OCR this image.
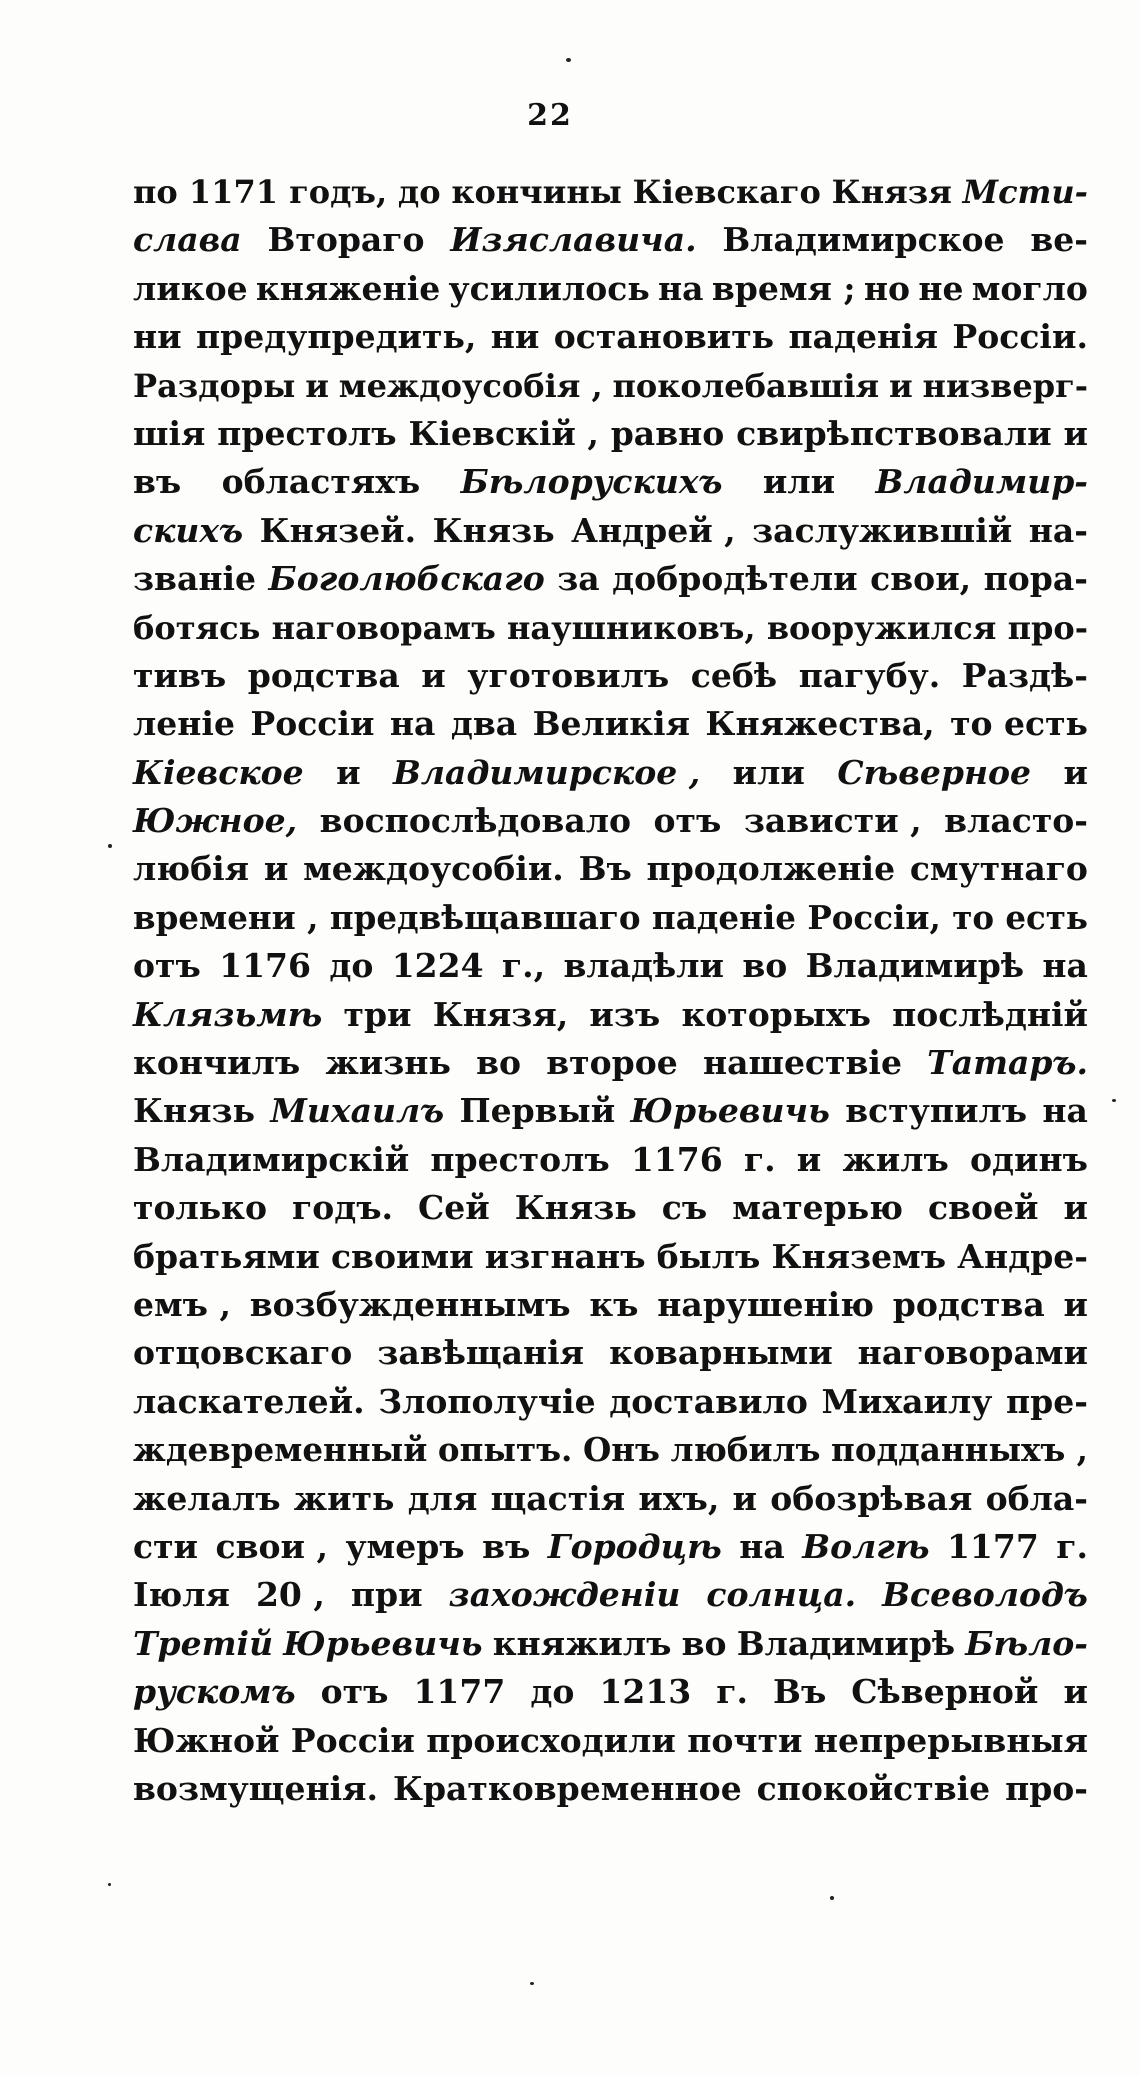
22
по 1171 годъ, до кончины Кіевскаго Князя Мсти-
слава Втораго Изяславича. Владимирское ве-
ликое княженіе усилилось на время ; но не могло
ни предупредить, ни остановить паденія Россіи.
Раздоры и междоусобія , поколебавшія и низверг-
шія престолъ Кіевскій , равно свирѣпствовали и
въ областяхъ Бѣлорускихъ или Владимир-
скихъ Князей. Князь Андрей , заслужившій на-
званіе Боголюбскаго за добродѣтели свои, пора-
ботясь наговорамъ наушниковъ, вооружился про-
тивъ родства и уготовилъ себѣ пагубу. Раздѣ-
леніе Россіи на два Великія Княжества, то есть
Кіевское и Владимирское , или Сѣверное и
Южное, воспослѣдовало отъ зависти , власто-
любія и междоусобіи. Въ продолженіе смутнаго
времени , предвѣщавшаго паденіе Россіи, то есть
отъ 1176 до 1224 г., владѣли во Владимирѣ на
Клязьмѣ три Князя, изъ которыхъ послѣдній
кончилъ жизнь во второе нашествіе Татаръ.
Князь Михаилъ Первый Юрьевичь вступилъ на
Владимирскій престолъ 1176 г. и жилъ одинъ
только годъ. Сей Князь съ матерью своей и
братьями своими изгнанъ былъ Княземъ Андре-
емъ , возбужденнымъ къ нарушенію родства и
отцовскаго завѣщанія коварными наговорами
ласкателей. Злополучіе доставило Михаилу пре-
ждевременный опытъ. Онъ любилъ подданныхъ ,
желалъ жить для щастія ихъ, и обозрѣвая обла-
сти свои , умеръ въ Городцѣ на Волгѣ 1177 г.
Іюля 20 , при захожденіи солнца. Всеволодъ
Третій Юрьевичь княжилъ во Владимирѣ Бѣло-
рускомъ отъ 1177 до 1213 г. Въ Сѣверной и
Южной Россіи происходили почти непрерывныя
возмущенія. Кратковременное спокойствіе про-
